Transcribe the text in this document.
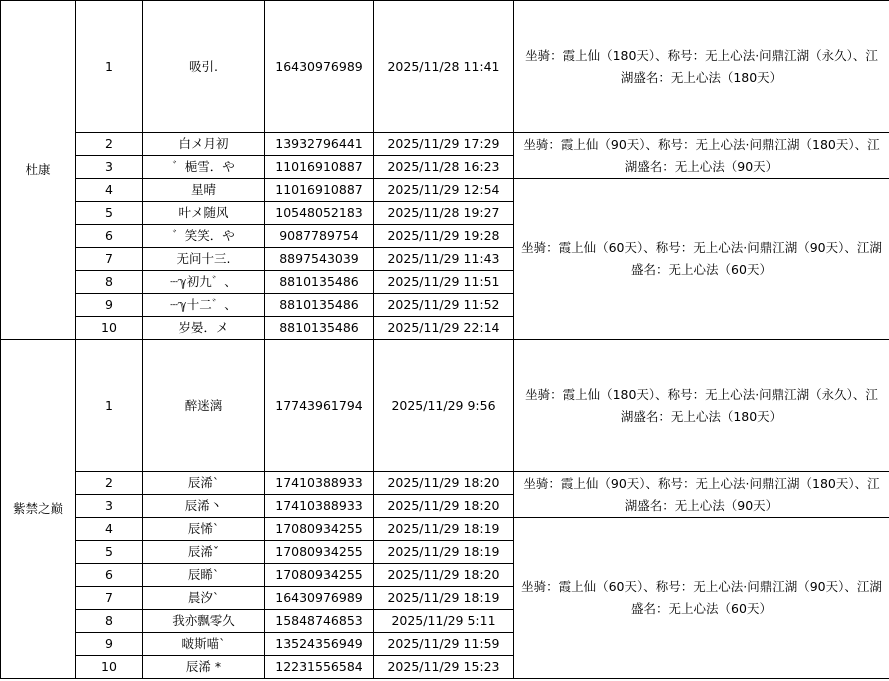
杜康	1	吸引.	16430976989	2025/11/28 11:41	坐骑：霞上仙（180天）、称号：无上心法·问鼎江湖（永久）、江湖盛名：无上心法（180天）
	2	白メ月初	13932796441	2025/11/29 17:29	坐骑：霞上仙（90天）、称号：无上心法·问鼎江湖（180天）、江湖盛名：无上心法（90天）
	3	゛梔雪．や	11016910887	2025/11/28 16:23	
	4	星晴	11016910887	2025/11/29 12:54	坐骑：霞上仙（60天）、称号：无上心法·问鼎江湖（90天）、江湖盛名：无上心法（60天）
	5	叶メ随风	10548052183	2025/11/28 19:27	
	6	゛笑笑．や	9087789754	2025/11/29 19:28	
	7	无问十三.	8897543039	2025/11/29 11:43	
	8	┈ℽ初九゛、	8810135486	2025/11/29 11:51	
	9	┈ℽ十二゛、	8810135486	2025/11/29 11:52	
	10	岁晏．メ	8810135486	2025/11/29 22:14	
紫禁之巅	1	醉迷漓	17743961794	2025/11/29 9:56	坐骑：霞上仙（180天）、称号：无上心法·问鼎江湖（永久）、江湖盛名：无上心法（180天）
	2	辰浠`	17410388933	2025/11/29 18:20	坐骑：霞上仙（90天）、称号：无上心法·问鼎江湖（180天）、江湖盛名：无上心法（90天）
	3	辰浠丶	17410388933	2025/11/29 18:20	
	4	辰悕`	17080934255	2025/11/29 18:19	坐骑：霞上仙（60天）、称号：无上心法·问鼎江湖（90天）、江湖盛名：无上心法（60天）
	5	辰浠ˇ	17080934255	2025/11/29 18:19	
	6	辰睎`	17080934255	2025/11/29 18:20	
	7	晨汐`	16430976989	2025/11/29 18:19	
	8	我亦飘零久	15848746853	2025/11/29 5:11	
	9	啵斯喵`	13524356949	2025/11/29 11:59	
	10	辰浠 *	12231556584	2025/11/29 15:23	
